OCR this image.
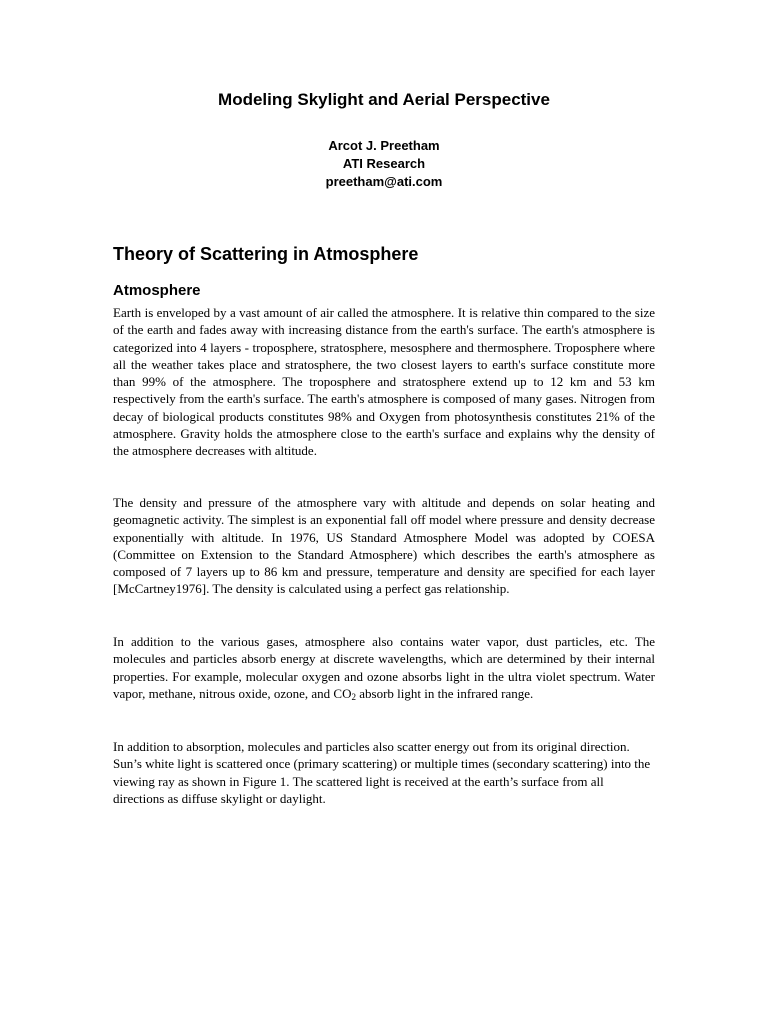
Modeling Skylight and Aerial Perspective
Arcot J. Preetham
ATI Research
preetham@ati.com
Theory of Scattering in Atmosphere
Atmosphere

Earth is enveloped by a vast amount of air called the atmosphere. It is relative thin compared to the size of the earth and fades away with increasing distance from the earth's surface. The earth's atmosphere is categorized into 4 layers - troposphere, stratosphere, mesosphere and thermosphere. Troposphere where all the weather takes place and stratosphere, the two closest layers to earth's surface constitute more than 99% of the atmosphere. The troposphere and stratosphere extend up to 12 km and 53 km respectively from the earth's surface. The earth's atmosphere is composed of many gases. Nitrogen from decay of biological products constitutes 98% and Oxygen from photosynthesis constitutes 21% of the atmosphere. Gravity holds the atmosphere close to the earth's surface and explains why the density of the atmosphere decreases with altitude.

The density and pressure of the atmosphere vary with altitude and depends on solar heating and geomagnetic activity. The simplest is an exponential fall off model where pressure and density decrease exponentially with altitude. In 1976, US Standard Atmosphere Model was adopted by COESA (Committee on Extension to the Standard Atmosphere) which describes the earth's atmosphere as composed of 7 layers up to 86 km and pressure, temperature and density are specified for each layer [McCartney1976]. The density is calculated using a perfect gas relationship.

In addition to the various gases, atmosphere also contains water vapor, dust particles, etc. The molecules and particles absorb energy at discrete wavelengths, which are determined by their internal properties. For example, molecular oxygen and ozone absorbs light in the ultra violet spectrum. Water vapor, methane, nitrous oxide, ozone, and $CO_2$ absorb light in the infrared range.

In addition to absorption, molecules and particles also scatter energy out from its original direction. Sun’s white light is scattered once (primary scattering) or multiple times (secondary scattering) into the viewing ray as shown in Figure 1. The scattered light is received at the earth’s surface from all directions as diffuse skylight or daylight.
